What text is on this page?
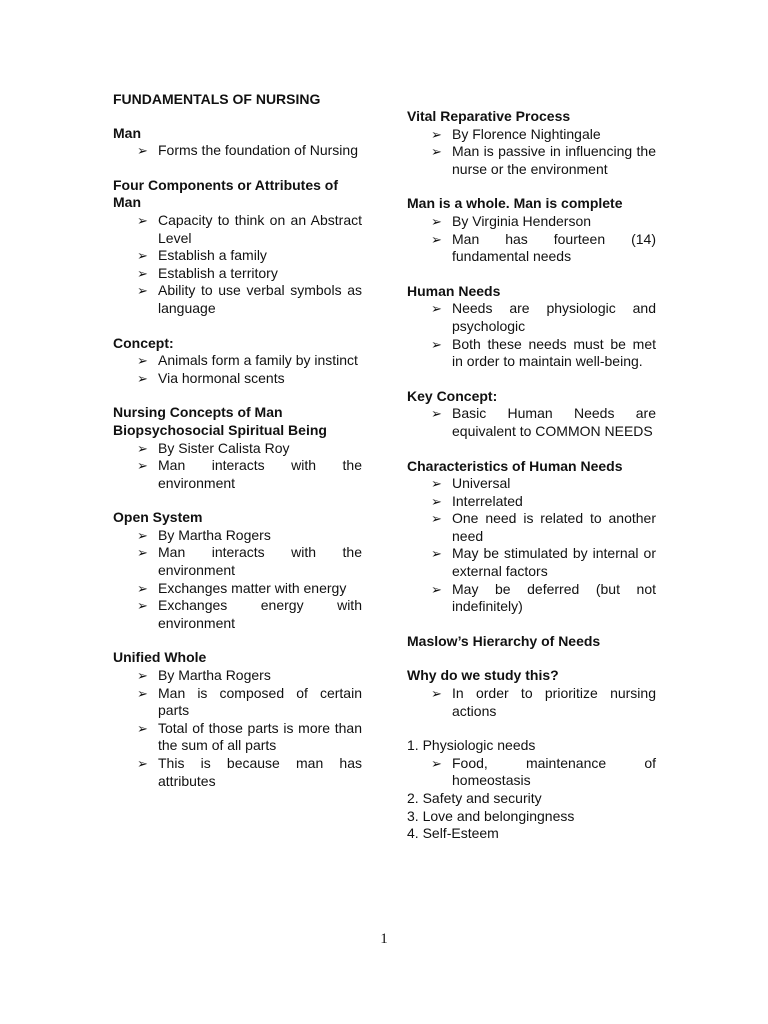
FUNDAMENTALS OF NURSING

Man

➢ Forms the foundation of Nursing

Four Components or Attributes of Man

➢ Capacity to think on an Abstract Level
➢ Establish a family
➢ Establish a territory
➢ Ability to use verbal symbols as language

Concept:

➢ Animals form a family by instinct
➢ Via hormonal scents

Nursing Concepts of Man Biopsychosocial Spiritual Being

➢ By Sister Calista Roy
➢ Man interacts with the environment

Open System

➢ By Martha Rogers
➢ Man interacts with the environment
➢ Exchanges matter with energy
➢ Exchanges energy with environment

Unified Whole

➢ By Martha Rogers
➢ Man is composed of certain parts
➢ Total of those parts is more than the sum of all parts
➢ This is because man has attributes

Vital Reparative Process

➢ By Florence Nightingale
➢ Man is passive in influencing the nurse or the environment

Man is a whole. Man is complete

➢ By Virginia Henderson
➢ Man has fourteen (14) fundamental needs

Human Needs

➢ Needs are physiologic and psychologic
➢ Both these needs must be met in order to maintain well-being.

Key Concept:

➢ Basic Human Needs are equivalent to COMMON NEEDS

Characteristics of Human Needs

➢ Universal
➢ Interrelated
➢ One need is related to another need
➢ May be stimulated by internal or external factors
➢ May be deferred (but not indefinitely)

Maslow’s Hierarchy of Needs

Why do we study this?

➢ In order to prioritize nursing actions

1. Physiologic needs

➢ Food, maintenance of homeostasis

2. Safety and security

3. Love and belongingness

4. Self-Esteem

1
